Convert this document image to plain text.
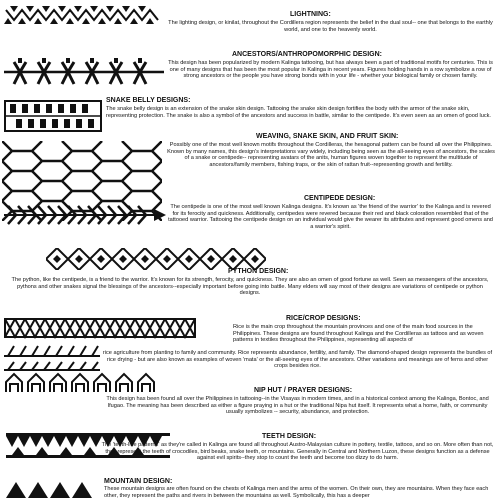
LIGHTNING:

The lighting design, or kinilat, throughout the Cordillera region represents the belief in the dual soul-- one that belongs to the earthly world, and one to the heavenly world.

ANCESTORS/ANTHROPOMORPHIC DESIGN:

This design has been popularized by modern Kalinga tattooing, but has always been a part of traditional motifs for centuries. This is one of many designs that has been the most popular in Kalinga in recent years. Figures holding hands in a row symbolize a row of strong ancestors or the people you have strong bonds with in your life - whether your biological family or chosen family.

SNAKE BELLY DESIGNS:

The snake belly design is an extension of the snake skin design. Tattooing the snake skin design fortifies the body with the armor of the snake skin, representing protection. The snake is also a symbol of the ancestors and success in battle, similar to the centipede. It's even seen as an omen of good luck.

WEAVING, SNAKE SKIN, AND FRUIT SKIN:

Possibly one of the most well known motifs throughout the Cordilleras, the hexagonal pattern can be found all over the Philippines. Known by many names, this design's interpretations vary widely, including being seen as the all-seeing eyes of ancestors, the scales of a snake or centipede-- representing avatars of the anits, human figures woven together to represent the multitude of ancestors/family members, fishing traps, or the skin of rattan fruit--representing growth and fertility.

CENTIPEDE DESIGN:

The centipede is one of the most well known Kalinga designs. It's known as 'the friend of the warrior' to the Kalinga and is revered for its ferocity and quickness. Additionally, centipedes were revered because their red and black coloration resembled that of the tattooed warrior. Tattooing the centipede design on an individual would give the wearer its attributes and represent good omens and a warrior's spirit.

PYTHON DESIGN:

The python, like the centipede, is a friend to the warrior. It's known for its strength, ferocity, and quickness. They are also an omen of good fortune as well. Seen as messengers of the ancestors, pythons and other snakes signal the blessings of the ancestors--especially important before going into battle. Many elders will say most of their designs are variations of centipede or python designs.

RICE/CROP DESIGNS:

Rice is the main crop throughout the mountain provinces and one of the main food sources in the Philippines. These designs are found throughout Kalinga and the Cordilleras as tattoos and as woven patterns in textiles throughout the Philippines, representing all aspects of

rice agriculture from planting to family and community. Rice represents abundance, fertility, and family. The diamond-shaped design represents the bundles of rice drying - but are also known as examples of woven 'mata' or the all-seeing eyes of the ancestors. Other variations and meanings are of ferns and other crops besides rice.

NIP HUT / PRAYER DESIGNS:

This design has been found all over the Philippines in tattooing--in the Visayas in modern times, and in a historical context among the Kalinga, Bontoc, and Ifugao. The meaning has been described as either a figure praying in a hut or the traditional Nipa hut itself. It represents what a home, faith, or community usually symbolizes -- security, abundance, and protection.

TEETH DESIGN:

The 'teeth-like patterns' as they're called in Kalinga are found all throughout Austro-Malaysian culture in pottery, textile, tattoos, and so on. More often than not, they represent the teeth of crocodiles, bird beaks, snake teeth, or mountains. Generally in Central and Northern Luzon, these designs function as a defense against evil spirits--they stop to count the teeth and become too dizzy to do harm.

MOUNTAIN DESIGN:

These mountain designs are often found on the chests of Kalinga men and the arms of the women. On their own, they are mountains. When they face each other, they represent the paths and rivers in between the mountains as well. Symbolically, this has a deeper
